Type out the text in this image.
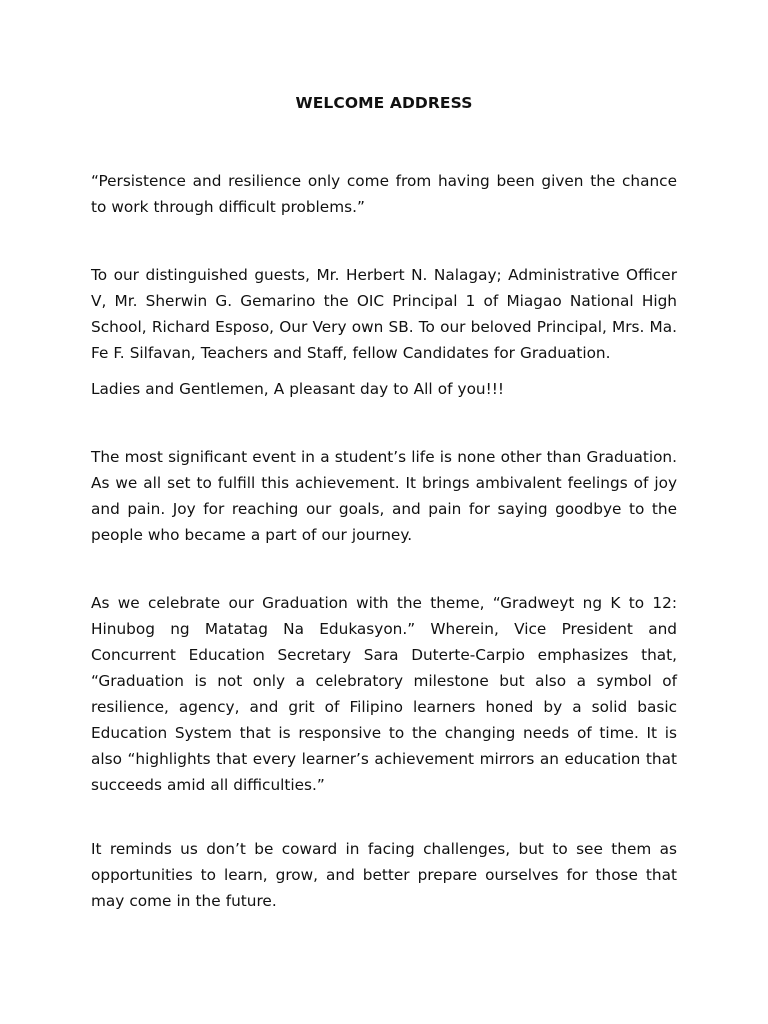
WELCOME ADDRESS

“Persistence and resilience only come from having been given the chance to work through difficult problems.”

To our distinguished guests, Mr. Herbert N. Nalagay; Administrative Officer V, Mr. Sherwin G. Gemarino the OIC Principal 1 of Miagao National High School, Richard Esposo, Our Very own SB. To our beloved Principal, Mrs. Ma. Fe F. Silfavan, Teachers and Staff, fellow Candidates for Graduation.

Ladies and Gentlemen, A pleasant day to All of you!!!

The most significant event in a student’s life is none other than Graduation. As we all set to fulfill this achievement. It brings ambivalent feelings of joy and pain. Joy for reaching our goals, and pain for saying goodbye to the people who became a part of our journey.

As we celebrate our Graduation with the theme, “Gradweyt ng K to 12: Hinubog ng Matatag Na Edukasyon.” Wherein, Vice President and Concurrent Education Secretary Sara Duterte-Carpio emphasizes that, “Graduation is not only a celebratory milestone but also a symbol of resilience, agency, and grit of Filipino learners honed by a solid basic Education System that is responsive to the changing needs of time. It is also “highlights that every learner’s achievement mirrors an education that succeeds amid all difficulties.”

It reminds us don’t be coward in facing challenges, but to see them as opportunities to learn, grow, and better prepare ourselves for those that may come in the future.
